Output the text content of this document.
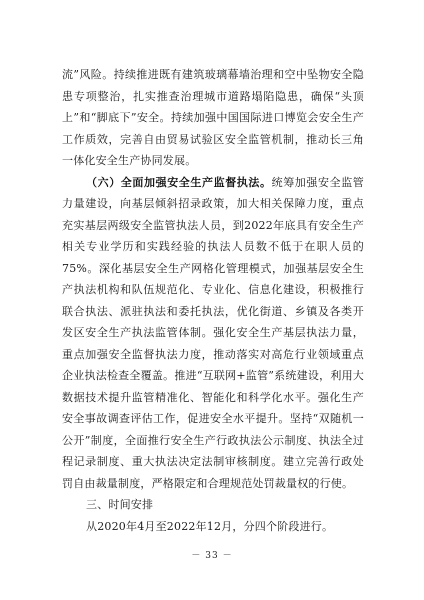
流”风险。持续推进既有建筑玻璃幕墙治理和空中坠物安全隐患专项整治，扎实推查治理城市道路塌陷隐患，确保“头顶上”和“脚底下”安全。持续加强中国国际进口博览会安全生产工作质效，完善自由贸易试验区安全监管机制，推动长三角一体化安全生产协同发展。

（六）全面加强安全生产监督执法。统筹加强安全监管力量建设，向基层倾斜招录政策，加大相关保障力度，重点充实基层两级安全监管执法人员，到2022年底具有安全生产相关专业学历和实践经验的执法人员数不低于在职人员的75%。深化基层安全生产网格化管理模式，加强基层安全生产执法机构和队伍规范化、专业化、信息化建设，积极推行联合执法、派驻执法和委托执法，优化街道、乡镇及各类开发区安全生产执法监管体制。强化安全生产基层执法力量，重点加强安全监督执法力度，推动落实对高危行业领域重点企业执法检查全覆盖。推进“互联网+监管”系统建设，利用大数据技术提升监管精准化、智能化和科学化水平。强化生产安全事故调查评估工作，促进安全水平提升。坚持“双随机一公开”制度，全面推行安全生产行政执法公示制度、执法全过程记录制度、重大执法决定法制审核制度。建立完善行政处罚自由裁量制度，严格限定和合理规范处罚裁量权的行使。

三、时间安排

从2020年4月至2022年12月，分四个阶段进行。

－ 33 －
